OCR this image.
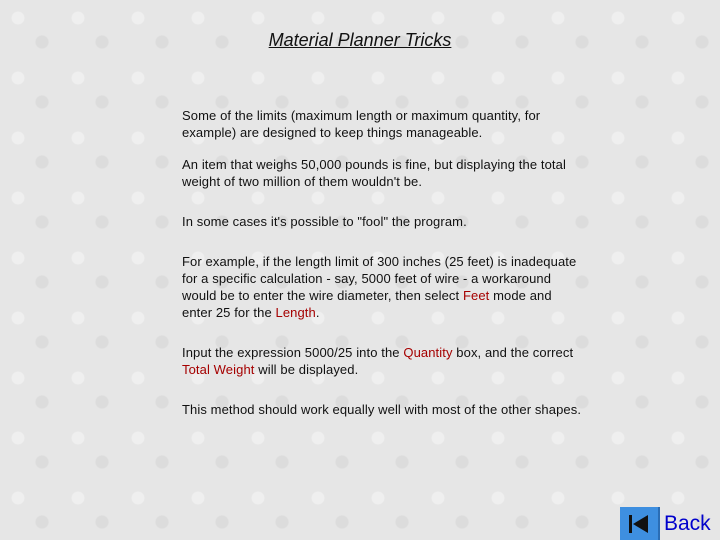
Material Planner Tricks

Some of the limits (maximum length or maximum quantity, for example) are designed to keep things manageable.

An item that weighs 50,000 pounds is fine, but displaying the total weight of two million of them wouldn't be.

In some cases it's possible to "fool" the program.

For example, if the length limit of 300 inches (25 feet) is inadequate for a specific calculation - say, 5000 feet of wire - a workaround would be to enter the wire diameter, then select Feet mode and enter 25 for the Length.

Input the expression 5000/25 into the Quantity box, and the correct Total Weight will be displayed.

This method should work equally well with most of the other shapes.

Back
